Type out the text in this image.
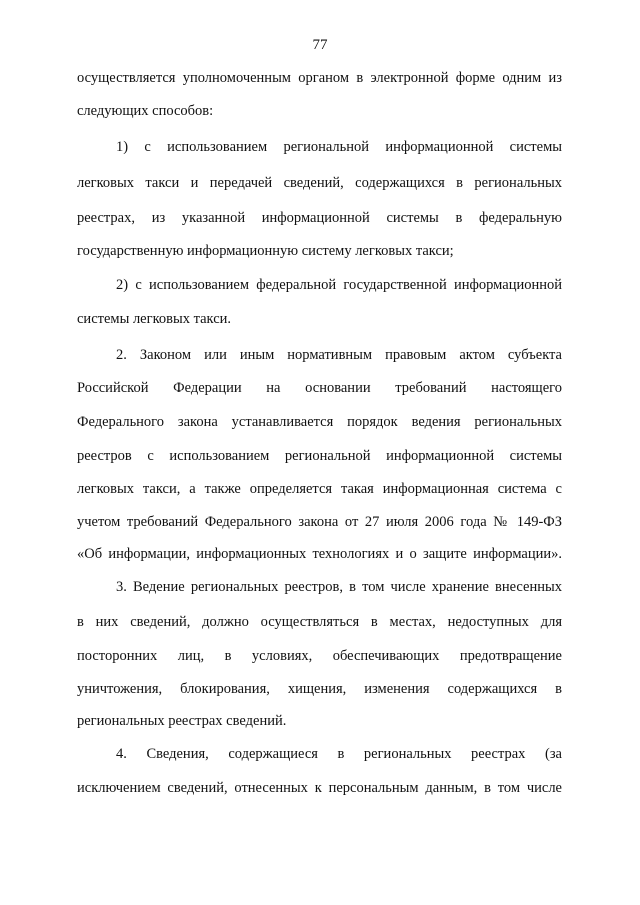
77
осуществляется уполномоченным органом в электронной форме одним из
следующих способов:
1) с использованием региональной информационной системы
легковых такси и передачей сведений, содержащихся в региональных
реестрах, из указанной информационной системы в федеральную
государственную информационную систему легковых такси;
2) с использованием федеральной государственной информационной
системы легковых такси.
2. Законом или иным нормативным правовым актом субъекта
Российской Федерации на основании требований настоящего
Федерального закона устанавливается порядок ведения региональных
реестров с использованием региональной информационной системы
легковых такси, а также определяется такая информационная система с
учетом требований Федерального закона от 27 июля 2006 года № 149-ФЗ
«Об информации, информационных технологиях и о защите информации».
3. Ведение региональных реестров, в том числе хранение внесенных
в них сведений, должно осуществляться в местах, недоступных для
посторонних лиц, в условиях, обеспечивающих предотвращение
уничтожения, блокирования, хищения, изменения содержащихся в
региональных реестрах сведений.
4. Сведения, содержащиеся в региональных реестрах (за
исключением сведений, отнесенных к персональным данным, в том числе
